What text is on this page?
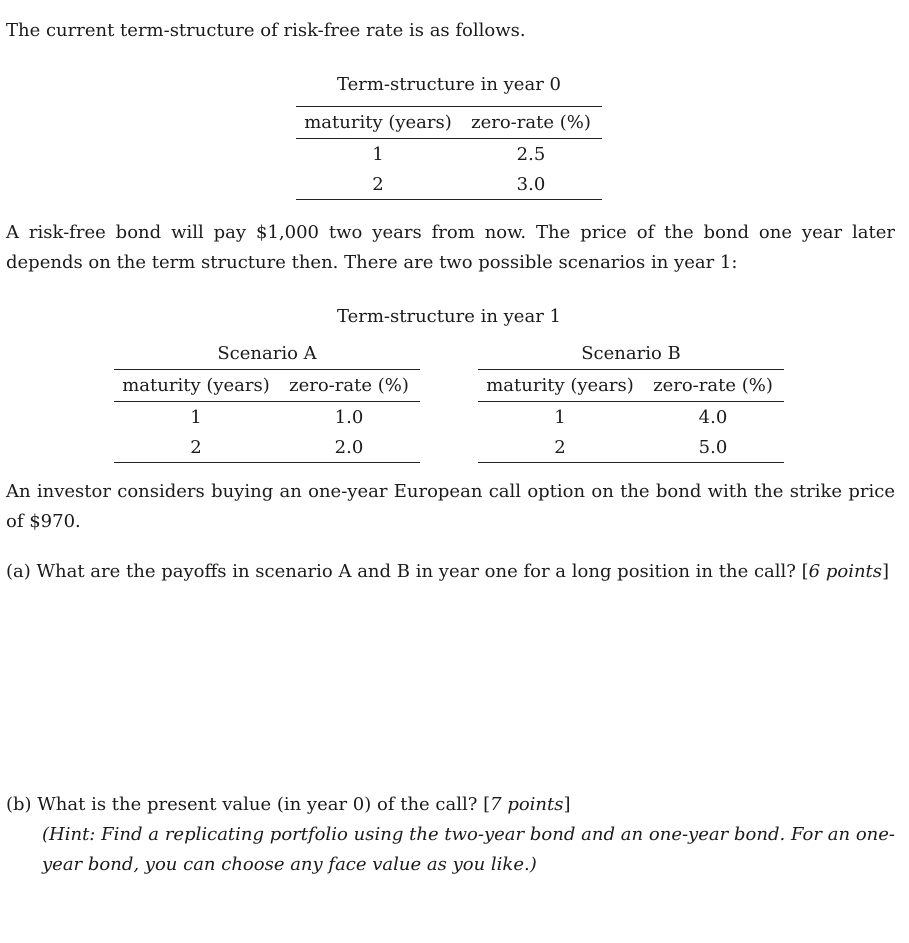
The current term-structure of risk-free rate is as follows.
Term-structure in year 0
maturity (years)	zero-rate (%)
1	2.5
2	3.0
A risk-free bond will pay $1,000 two years from now. The price of the bond one year later depends on the term structure then. There are two possible scenarios in year 1:
Term-structure in year 1
Scenario A
maturity (years)	zero-rate (%)
1	1.0
2	2.0
Scenario B
maturity (years)	zero-rate (%)
1	4.0
2	5.0
An investor considers buying an one-year European call option on the bond with the strike price of $970.
(a) What are the payoffs in scenario A and B in year one for a long position in the call? [6 points]
(b) What is the present value (in year 0) of the call? [7 points]
(Hint: Find a replicating portfolio using the two-year bond and an one-year bond. For an one-year bond, you can choose any face value as you like.)
